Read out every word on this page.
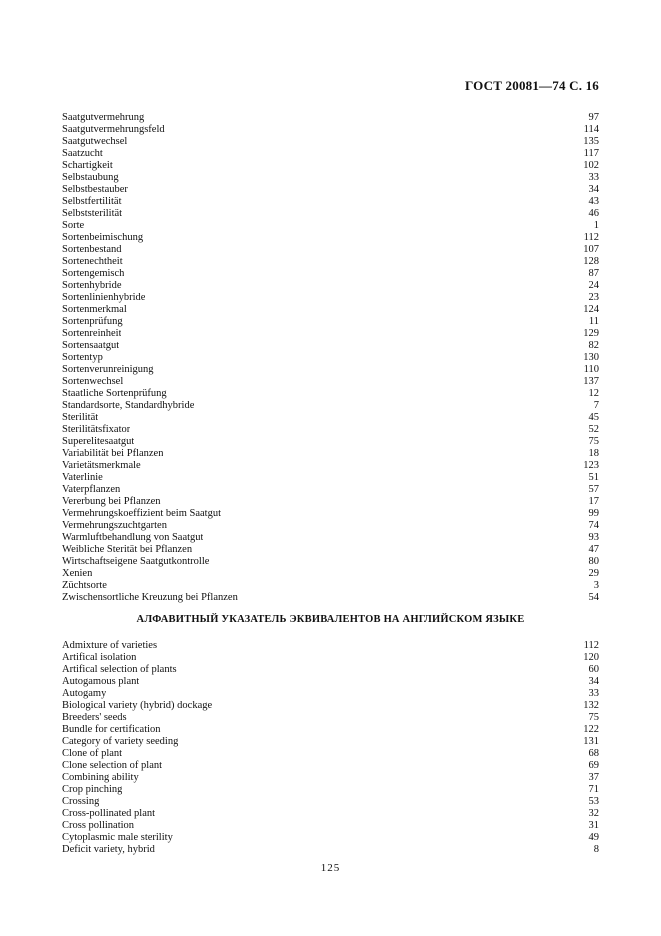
ГОСТ 20081—74 С. 16
Saatgutvermehrung	97
Saatgutvermehrungsfeld	114
Saatgutwechsel	135
Saatzucht	117
Schartigkeit	102
Selbstaubung	33
Selbstbestauber	34
Selbstfertilität	43
Selbststerilität	46
Sorte	1
Sortenbeimischung	112
Sortenbestand	107
Sortenechtheit	128
Sortengemisch	87
Sortenhybride	24
Sortenlinienhybride	23
Sortenmerkmal	124
Sortenprüfung	11
Sortenreinheit	129
Sortensaatgut	82
Sortentyp	130
Sortenverunreinigung	110
Sortenwechsel	137
Staatliche Sortenprüfung	12
Standardsorte, Standardhybride	7
Sterilität	45
Sterilitätsfixator	52
Superelitesaatgut	75
Variabilität bei Pflanzen	18
Varietätsmerkmale	123
Vaterlinie	51
Vaterpflanzen	57
Vererbung bei Pflanzen	17
Vermehrungskoeffizient beim Saatgut	99
Vermehrungszuchtgarten	74
Warmluftbehandlung von Saatgut	93
Weibliche Sterität bei Pflanzen	47
Wirtschaftseigene Saatgutkontrolle	80
Xenien	29
Züchtsorte	3
Zwischensortliche Kreuzung bei Pflanzen	54
АЛФАВИТНЫЙ УКАЗАТЕЛЬ ЭКВИВАЛЕНТОВ НА АНГЛИЙСКОМ ЯЗЫКЕ
Admixture of varieties	112
Artifical isolation	120
Artifical selection of plants	60
Autogamous plant	34
Autogamy	33
Biological variety (hybrid) dockage	132
Breeders' seeds	75
Bundle for certification	122
Category of variety seeding	131
Clone of plant	68
Clone selection of plant	69
Combining ability	37
Crop pinching	71
Crossing	53
Cross-pollinated plant	32
Cross pollination	31
Cytoplasmic male sterility	49
Deficit variety, hybrid	8
125
